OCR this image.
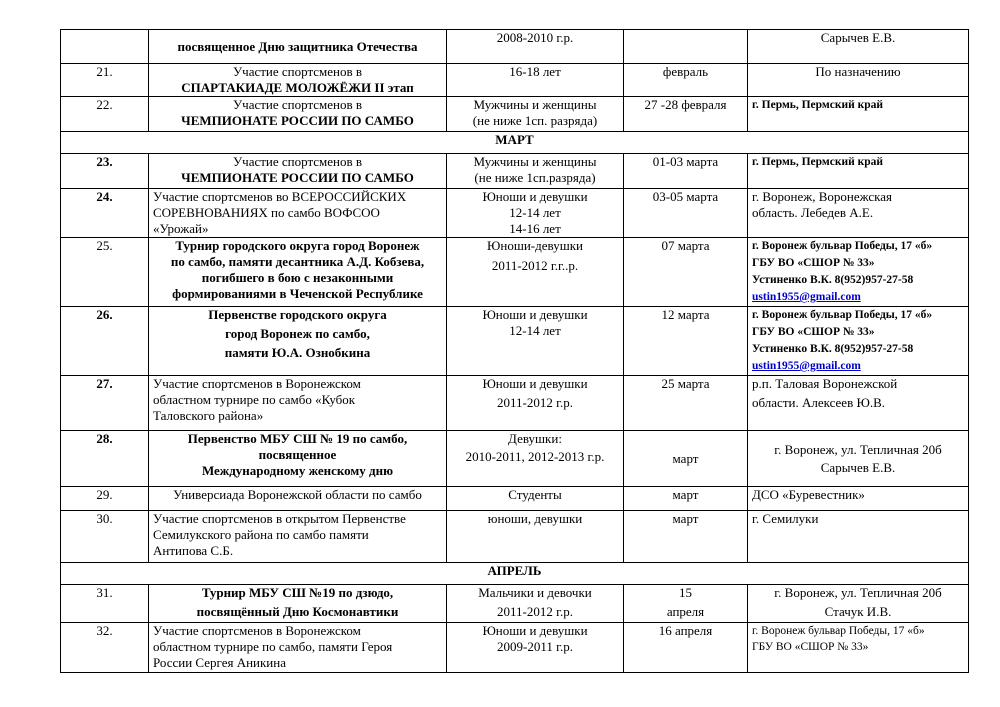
	посвященное Дню защитника Отечества	2008-2010 г.р.		Сарычев Е.В.

21.	Участие спортсменов в
СПАРТАКИАДЕ МОЛОЖЁЖИ II этап	16-18 лет	февраль	По назначению

22.	Участие спортсменов в
ЧЕМПИОНАТЕ РОССИИ ПО САМБО	Мужчины и женщины
(не ниже 1сп. разряда)	27 -28 февраля	г. Пермь, Пермский край

МАРТ				
23.	Участие спортсменов в
ЧЕМПИОНАТЕ РОССИИ ПО САМБО	Мужчины и женщины
(не ниже 1сп.разряда)	01-03 марта	г. Пермь, Пермский край

24.	Участие спортсменов во ВСЕРОССИЙСКИХ
СОРЕВНОВАНИЯХ по самбо ВОФСОО
«Урожай»	Юноши и девушки
12-14 лет
14-16 лет	03-05 марта	г. Воронеж, Воронежская
область. Лебедев А.Е.

25.	Турнир городского округа город Воронеж
по самбо, памяти десантника А.Д. Кобзева,
погибшего в бою с незаконными
формированиями в Чеченской Республике	Юноши-девушки
2011-2012 г.г..р.	07 марта	г. Воронеж бульвар Победы, 17 «б»
ГБУ ВО «СШОР № 33»
Устиненко В.К. 8(952)957-27-58
ustin1955@gmail.com

26.	Первенстве городского округа
город Воронеж по самбо,
памяти Ю.А. Ознобкина	Юноши и девушки
12-14 лет	12 марта	г. Воронеж бульвар Победы, 17 «б»
ГБУ ВО «СШОР № 33»
Устиненко В.К. 8(952)957-27-58
ustin1955@gmail.com

27.	Участие спортсменов в Воронежском
областном турнире по самбо «Кубок
Таловского района»	Юноши и девушки
2011-2012 г.р.	25 марта	р.п. Таловая Воронежской
области. Алексеев Ю.В.

28.	Первенство МБУ СШ № 19 по самбо,
посвященное
Международному женскому дню	Девушки:
2010-2011, 2012-2013 г.р.	март	г. Воронеж, ул. Тепличная 20б
Сарычев Е.В.

29.	Универсиада Воронежской области по самбо	Студенты	март	ДСО «Буревестник»

30.	Участие спортсменов в открытом Первенстве
Семилукского района по самбо памяти
Антипова С.Б.	юноши, девушки	март	г. Семилуки

АПРЕЛЬ				
31.	Турнир МБУ СШ №19 по дзюдо,
посвящённый Дню Космонавтики	Мальчики и девочки
2011-2012 г.р.	15
апреля	г. Воронеж, ул. Тепличная 20б
Стачук И.В.

32.	Участие спортсменов в Воронежском
областном турнире по самбо, памяти Героя
России Сергея Аникина	Юноши и девушки
2009-2011 г.р.	16 апреля	г. Воронеж бульвар Победы, 17 «б»
ГБУ ВО «СШОР № 33»
